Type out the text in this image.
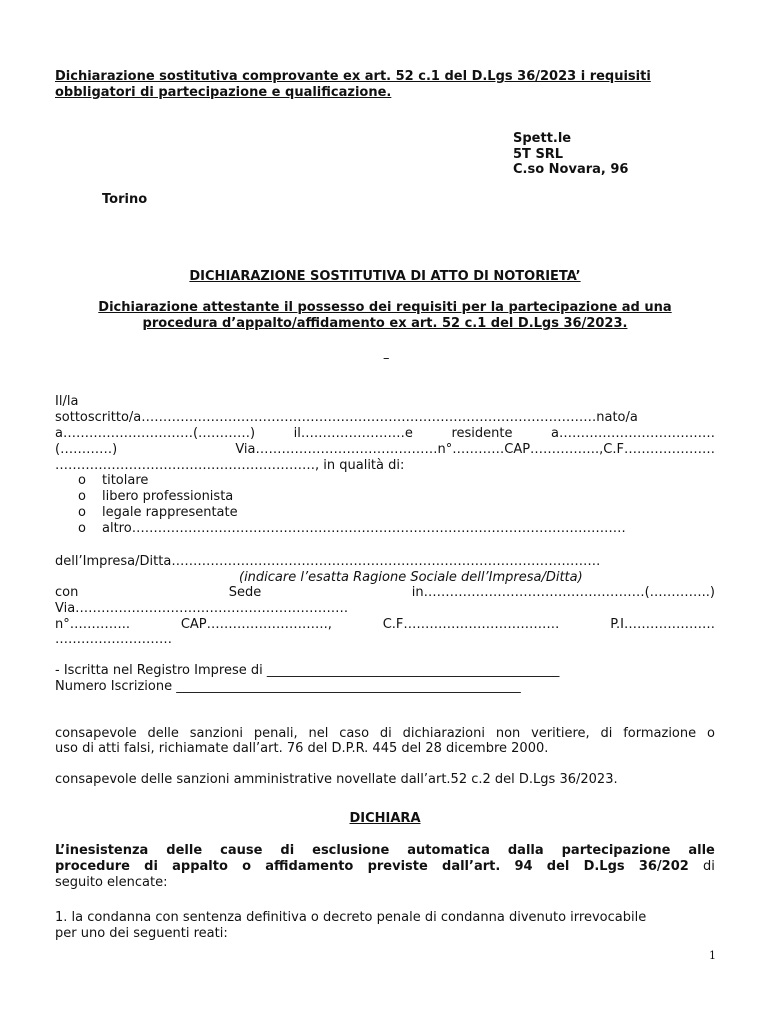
Dichiarazione sostitutiva comprovante ex art. 52 c.1 del D.Lgs 36/2023 i requisiti
obbligatori di partecipazione e qualificazione.
Spett.le
5T SRL
C.so Novara, 96
Torino
DICHIARAZIONE SOSTITUTIVA DI ATTO DI NOTORIETA’
Dichiarazione attestante il possesso dei requisiti per la partecipazione ad una
procedura d’appalto/affidamento ex art. 52 c.1 del D.Lgs 36/2023.
–
Il/la
sottoscritto/a……………………………………………………………………………………………nato/a
a…………………………(…………)	il……………………e	residente	a………………………………
(…………)	Via……………………………………n°…………CAP…………….,C.F…………………
……………………………………………………, in qualità di:
o titolare
o libero professionista
o legale rappresentate
o altro……………………………………………………………………………………………………
dell’Impresa/Ditta………………………………………………………………………………………
(indicare l’esatta Ragione Sociale dell’Impresa/Ditta)
con	Sede	in……………………………………………(…………..)
Via………………………………………………………
n°…………..	CAP……………………….,	C.F………………………………	P.I…………………
………………………
- Iscritta nel Registro Imprese di _____________________________________________
Numero Iscrizione _____________________________________________________
consapevole delle sanzioni penali, nel caso di dichiarazioni non veritiere, di formazione o
uso di atti falsi, richiamate dall’art. 76 del D.P.R. 445 del 28 dicembre 2000.
consapevole delle sanzioni amministrative novellate dall’art.52 c.2 del D.Lgs 36/2023.
DICHIARA
L’inesistenza delle cause di esclusione automatica dalla partecipazione alle
procedure di appalto o affidamento previste dall’art. 94 del D.Lgs 36/202 di
seguito elencate:
1. la condanna con sentenza definitiva o decreto penale di condanna divenuto irrevocabile
per uno dei seguenti reati:
1
